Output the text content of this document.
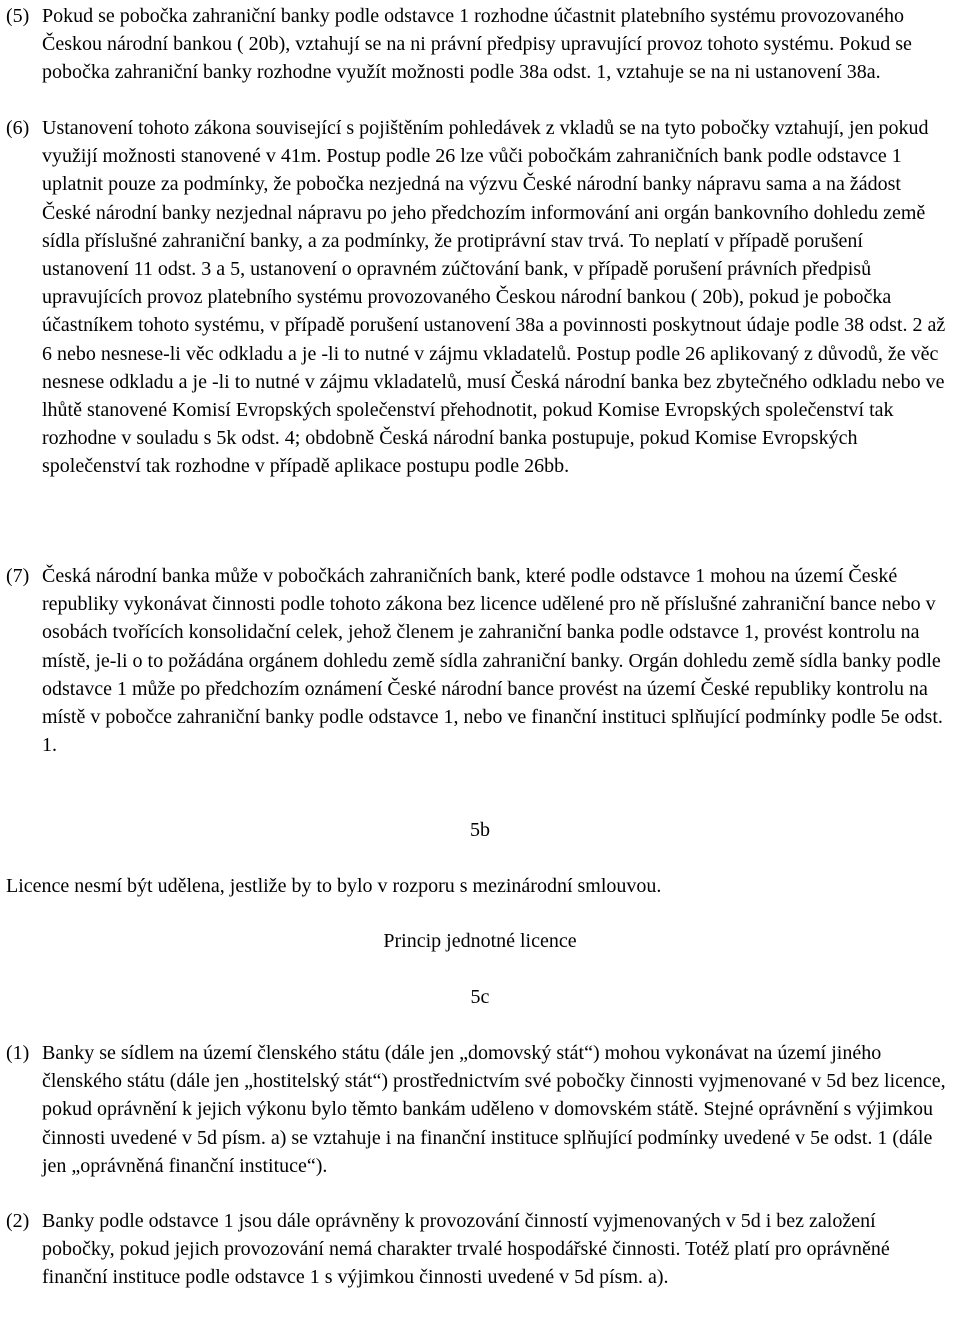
(5) Pokud se pobočka zahraniční banky podle odstavce 1 rozhodne účastnit platebního systému provozovaného Českou národní bankou ( 20b), vztahují se na ni právní předpisy upravující provoz tohoto systému. Pokud se pobočka zahraniční banky rozhodne využít možnosti podle 38a odst. 1, vztahuje se na ni ustanovení 38a.
(6) Ustanovení tohoto zákona související s pojištěním pohledávek z vkladů se na tyto pobočky vztahují, jen pokud využijí možnosti stanovené v 41m. Postup podle 26 lze vůči pobočkám zahraničních bank podle odstavce 1 uplatnit pouze za podmínky, že pobočka nezjedná na výzvu České národní banky nápravu sama a na žádost České národní banky nezjednal nápravu po jeho předchozím informování ani orgán bankovního dohledu země sídla příslušné zahraniční banky, a za podmínky, že protiprávní stav trvá. To neplatí v případě porušení ustanovení 11 odst. 3 a 5, ustanovení o opravném zúčtování bank, v případě porušení právních předpisů upravujících provoz platebního systému provozovaného Českou národní bankou ( 20b), pokud je pobočka účastníkem tohoto systému, v případě porušení ustanovení 38a a povinnosti poskytnout údaje podle 38 odst. 2 až 6 nebo nesnese-li věc odkladu a je -li to nutné v zájmu vkladatelů. Postup podle 26 aplikovaný z důvodů, že věc nesnese odkladu a je -li to nutné v zájmu vkladatelů, musí Česká národní banka bez zbytečného odkladu nebo ve lhůtě stanovené Komisí Evropských společenství přehodnotit, pokud Komise Evropských společenství tak rozhodne v souladu s 5k odst. 4; obdobně Česká národní banka postupuje, pokud Komise Evropských společenství tak rozhodne v případě aplikace postupu podle 26bb.
(7) Česká národní banka může v pobočkách zahraničních bank, které podle odstavce 1 mohou na území České republiky vykonávat činnosti podle tohoto zákona bez licence udělené pro ně příslušné zahraniční bance nebo v osobách tvořících konsolidační celek, jehož členem je zahraniční banka podle odstavce 1, provést kontrolu na místě, je-li o to požádána orgánem dohledu země sídla zahraniční banky. Orgán dohledu země sídla banky podle odstavce 1 může po předchozím oznámení České národní bance provést na území České republiky kontrolu na místě v pobočce zahraniční banky podle odstavce 1, nebo ve finanční instituci splňující podmínky podle 5e odst. 1.
5b
Licence nesmí být udělena, jestliže by to bylo v rozporu s mezinárodní smlouvou.
Princip jednotné licence
5c
(1) Banky se sídlem na území členského státu (dále jen „domovský stát“) mohou vykonávat na území jiného členského státu (dále jen „hostitelský stát“) prostřednictvím své pobočky činnosti vyjmenované v 5d bez licence, pokud oprávnění k jejich výkonu bylo těmto bankám uděleno v domovském státě. Stejné oprávnění s výjimkou činnosti uvedené v 5d písm. a) se vztahuje i na finanční instituce splňující podmínky uvedené v 5e odst. 1 (dále jen „oprávněná finanční instituce“).
(2) Banky podle odstavce 1 jsou dále oprávněny k provozování činností vyjmenovaných v 5d i bez založení pobočky, pokud jejich provozování nemá charakter trvalé hospodářské činnosti. Totéž platí pro oprávněné finanční instituce podle odstavce 1 s výjimkou činnosti uvedené v 5d písm. a).
